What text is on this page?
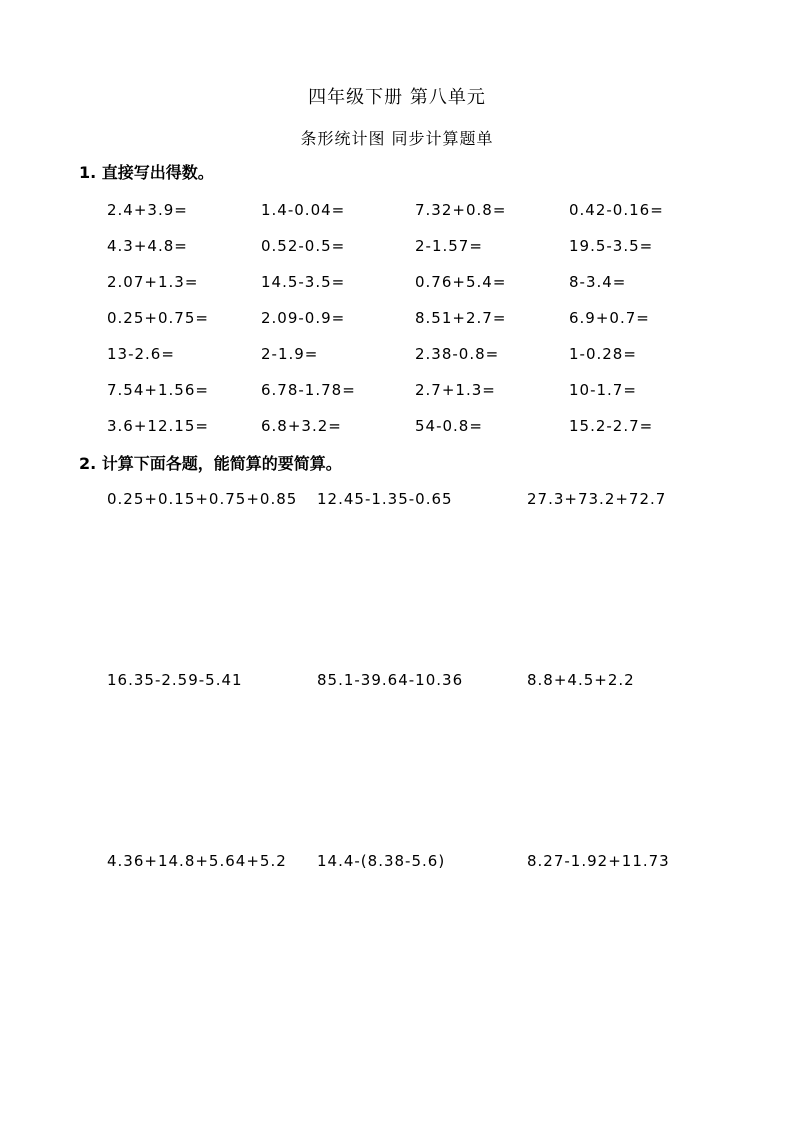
四年级下册 第八单元
条形统计图 同步计算题单
1. 直接写出得数。
2.4+3.9=	1.4-0.04=	7.32+0.8=	0.42-0.16=
4.3+4.8=	0.52-0.5=	2-1.57=	19.5-3.5=
2.07+1.3=	14.5-3.5=	0.76+5.4=	8-3.4=
0.25+0.75=	2.09-0.9=	8.51+2.7=	6.9+0.7=
13-2.6=	2-1.9=	2.38-0.8=	1-0.28=
7.54+1.56=	6.78-1.78=	2.7+1.3=	10-1.7=
3.6+12.15=	6.8+3.2=	54-0.8=	15.2-2.7=
2. 计算下面各题，能简算的要简算。
0.25+0.15+0.75+0.85	12.45-1.35-0.65	27.3+73.2+72.7
16.35-2.59-5.41	85.1-39.64-10.36	8.8+4.5+2.2
4.36+14.8+5.64+5.2	14.4-(8.38-5.6)	8.27-1.92+11.73
